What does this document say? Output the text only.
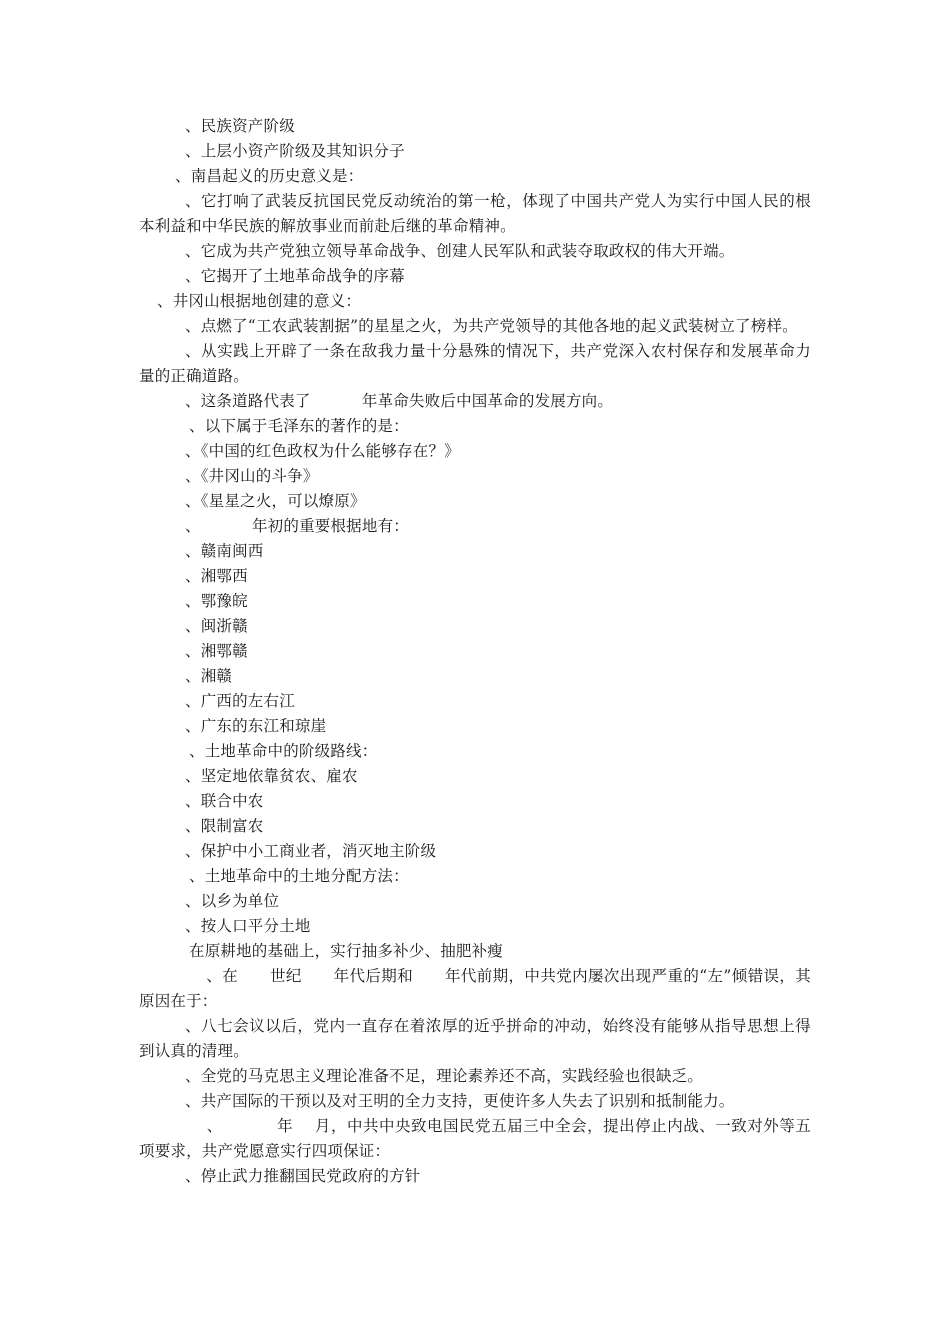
、民族资产阶级

、上层小资产阶级及其知识分子

、南昌起义的历史意义是：

、它打响了武装反抗国民党反动统治的第一枪，体现了中国共产党人为实行中国人民的根本利益和中华民族的解放事业而前赴后继的革命精神。

、它成为共产党独立领导革命战争、创建人民军队和武装夺取政权的伟大开端。

、它揭开了土地革命战争的序幕

、井冈山根据地创建的意义：

、点燃了“工农武装割据”的星星之火，为共产党领导的其他各地的起义武装树立了榜样。

、从实践上开辟了一条在敌我力量十分悬殊的情况下，共产党深入农村保存和发展革命力量的正确道路。

、这条道路代表了          年革命失败后中国革命的发展方向。

、以下属于毛泽东的著作的是：

、《中国的红色政权为什么能够存在？》

、《井冈山的斗争》

、《星星之火，可以燎原》

、          年初的重要根据地有：

、赣南闽西

、湘鄂西

、鄂豫皖

、闽浙赣

、湘鄂赣

、湘赣

、广西的左右江

、广东的东江和琼崖

、土地革命中的阶级路线：

、坚定地依靠贫农、雇农

、联合中农

、限制富农

、保护中小工商业者，消灭地主阶级

、土地革命中的土地分配方法：

、以乡为单位

、按人口平分土地

在原耕地的基础上，实行抽多补少、抽肥补瘦

、在      世纪      年代后期和      年代前期，中共党内屡次出现严重的“左”倾错误，其原因在于：

、八七会议以后，党内一直存在着浓厚的近乎拼命的冲动，始终没有能够从指导思想上得到认真的清理。

、全党的马克思主义理论准备不足，理论素养还不高，实践经验也很缺乏。

、共产国际的干预以及对王明的全力支持，更使许多人失去了识别和抵制能力。

、          年    月，中共中央致电国民党五届三中全会，提出停止内战、一致对外等五项要求，共产党愿意实行四项保证：

、停止武力推翻国民党政府的方针
